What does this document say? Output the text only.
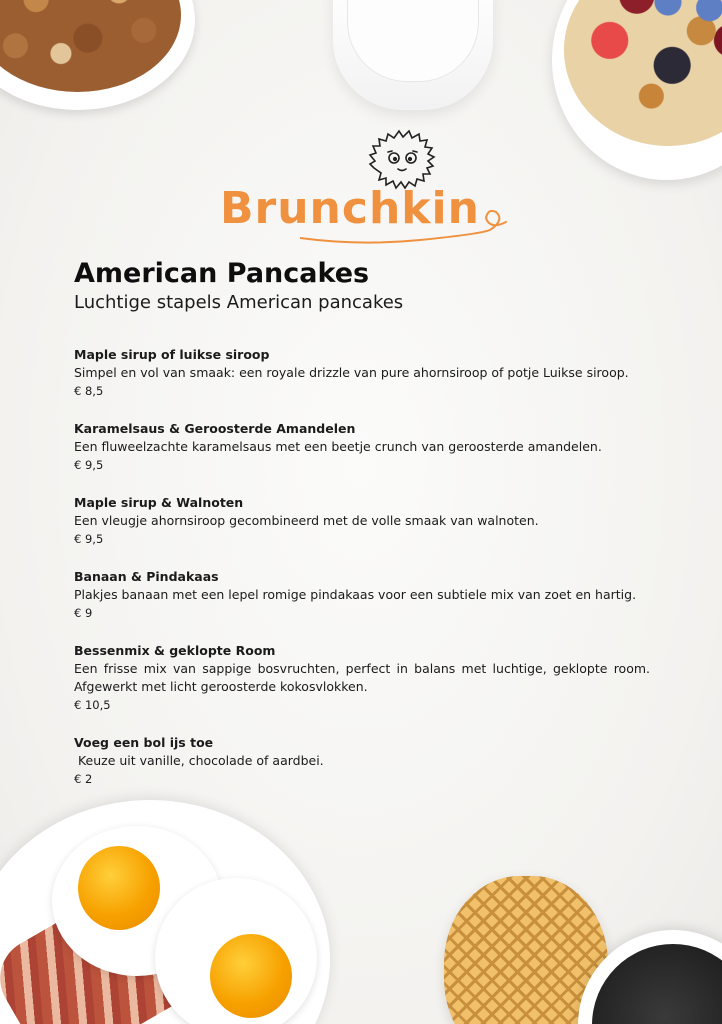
Brunchkin
American Pancakes

Luchtige stapels American pancakes

Maple sirup of luikse siroop
Simpel en vol van smaak: een royale drizzle van pure ahornsiroop of potje Luikse siroop.
€ 8,5
Karamelsaus & Geroosterde Amandelen
Een fluweelzachte karamelsaus met een beetje crunch van geroosterde amandelen.
€ 9,5
Maple sirup & Walnoten
Een vleugje ahornsiroop gecombineerd met de volle smaak van walnoten.
€ 9,5
Banaan & Pindakaas
Plakjes banaan met een lepel romige pindakaas voor een subtiele mix van zoet en hartig.
€ 9
Bessenmix & geklopte Room
Een frisse mix van sappige bosvruchten, perfect in balans met luchtige, geklopte room. Afgewerkt met licht geroosterde kokosvlokken.
€ 10,5
Voeg een bol ijs toe
Keuze uit vanille, chocolade of aardbei.
€ 2
